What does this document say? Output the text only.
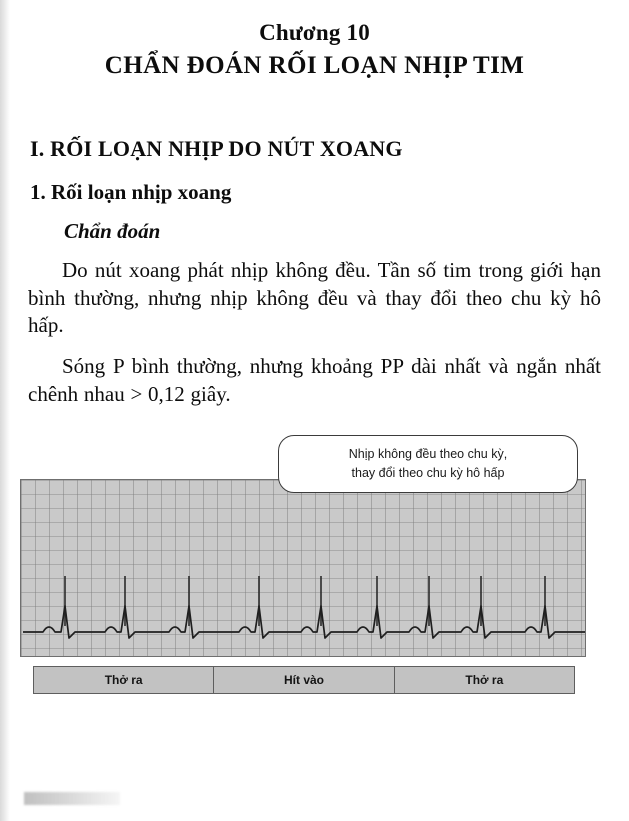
Chương 10
CHẨN ĐOÁN RỐI LOẠN NHỊP TIM
I. RỐI LOẠN NHỊP DO NÚT XOANG
1. Rối loạn nhịp xoang
Chẩn đoán

Do nút xoang phát nhịp không đều. Tần số tim trong giới hạn bình thường, nhưng nhịp không đều và thay đổi theo chu kỳ hô hấp.

Sóng P bình thường, nhưng khoảng PP dài nhất và ngắn nhất chênh nhau > 0,12 giây.

Thở ra	Hít vào	Thở ra
Nhịp không đều theo chu kỳ,
thay đổi theo chu kỳ hô hấp
